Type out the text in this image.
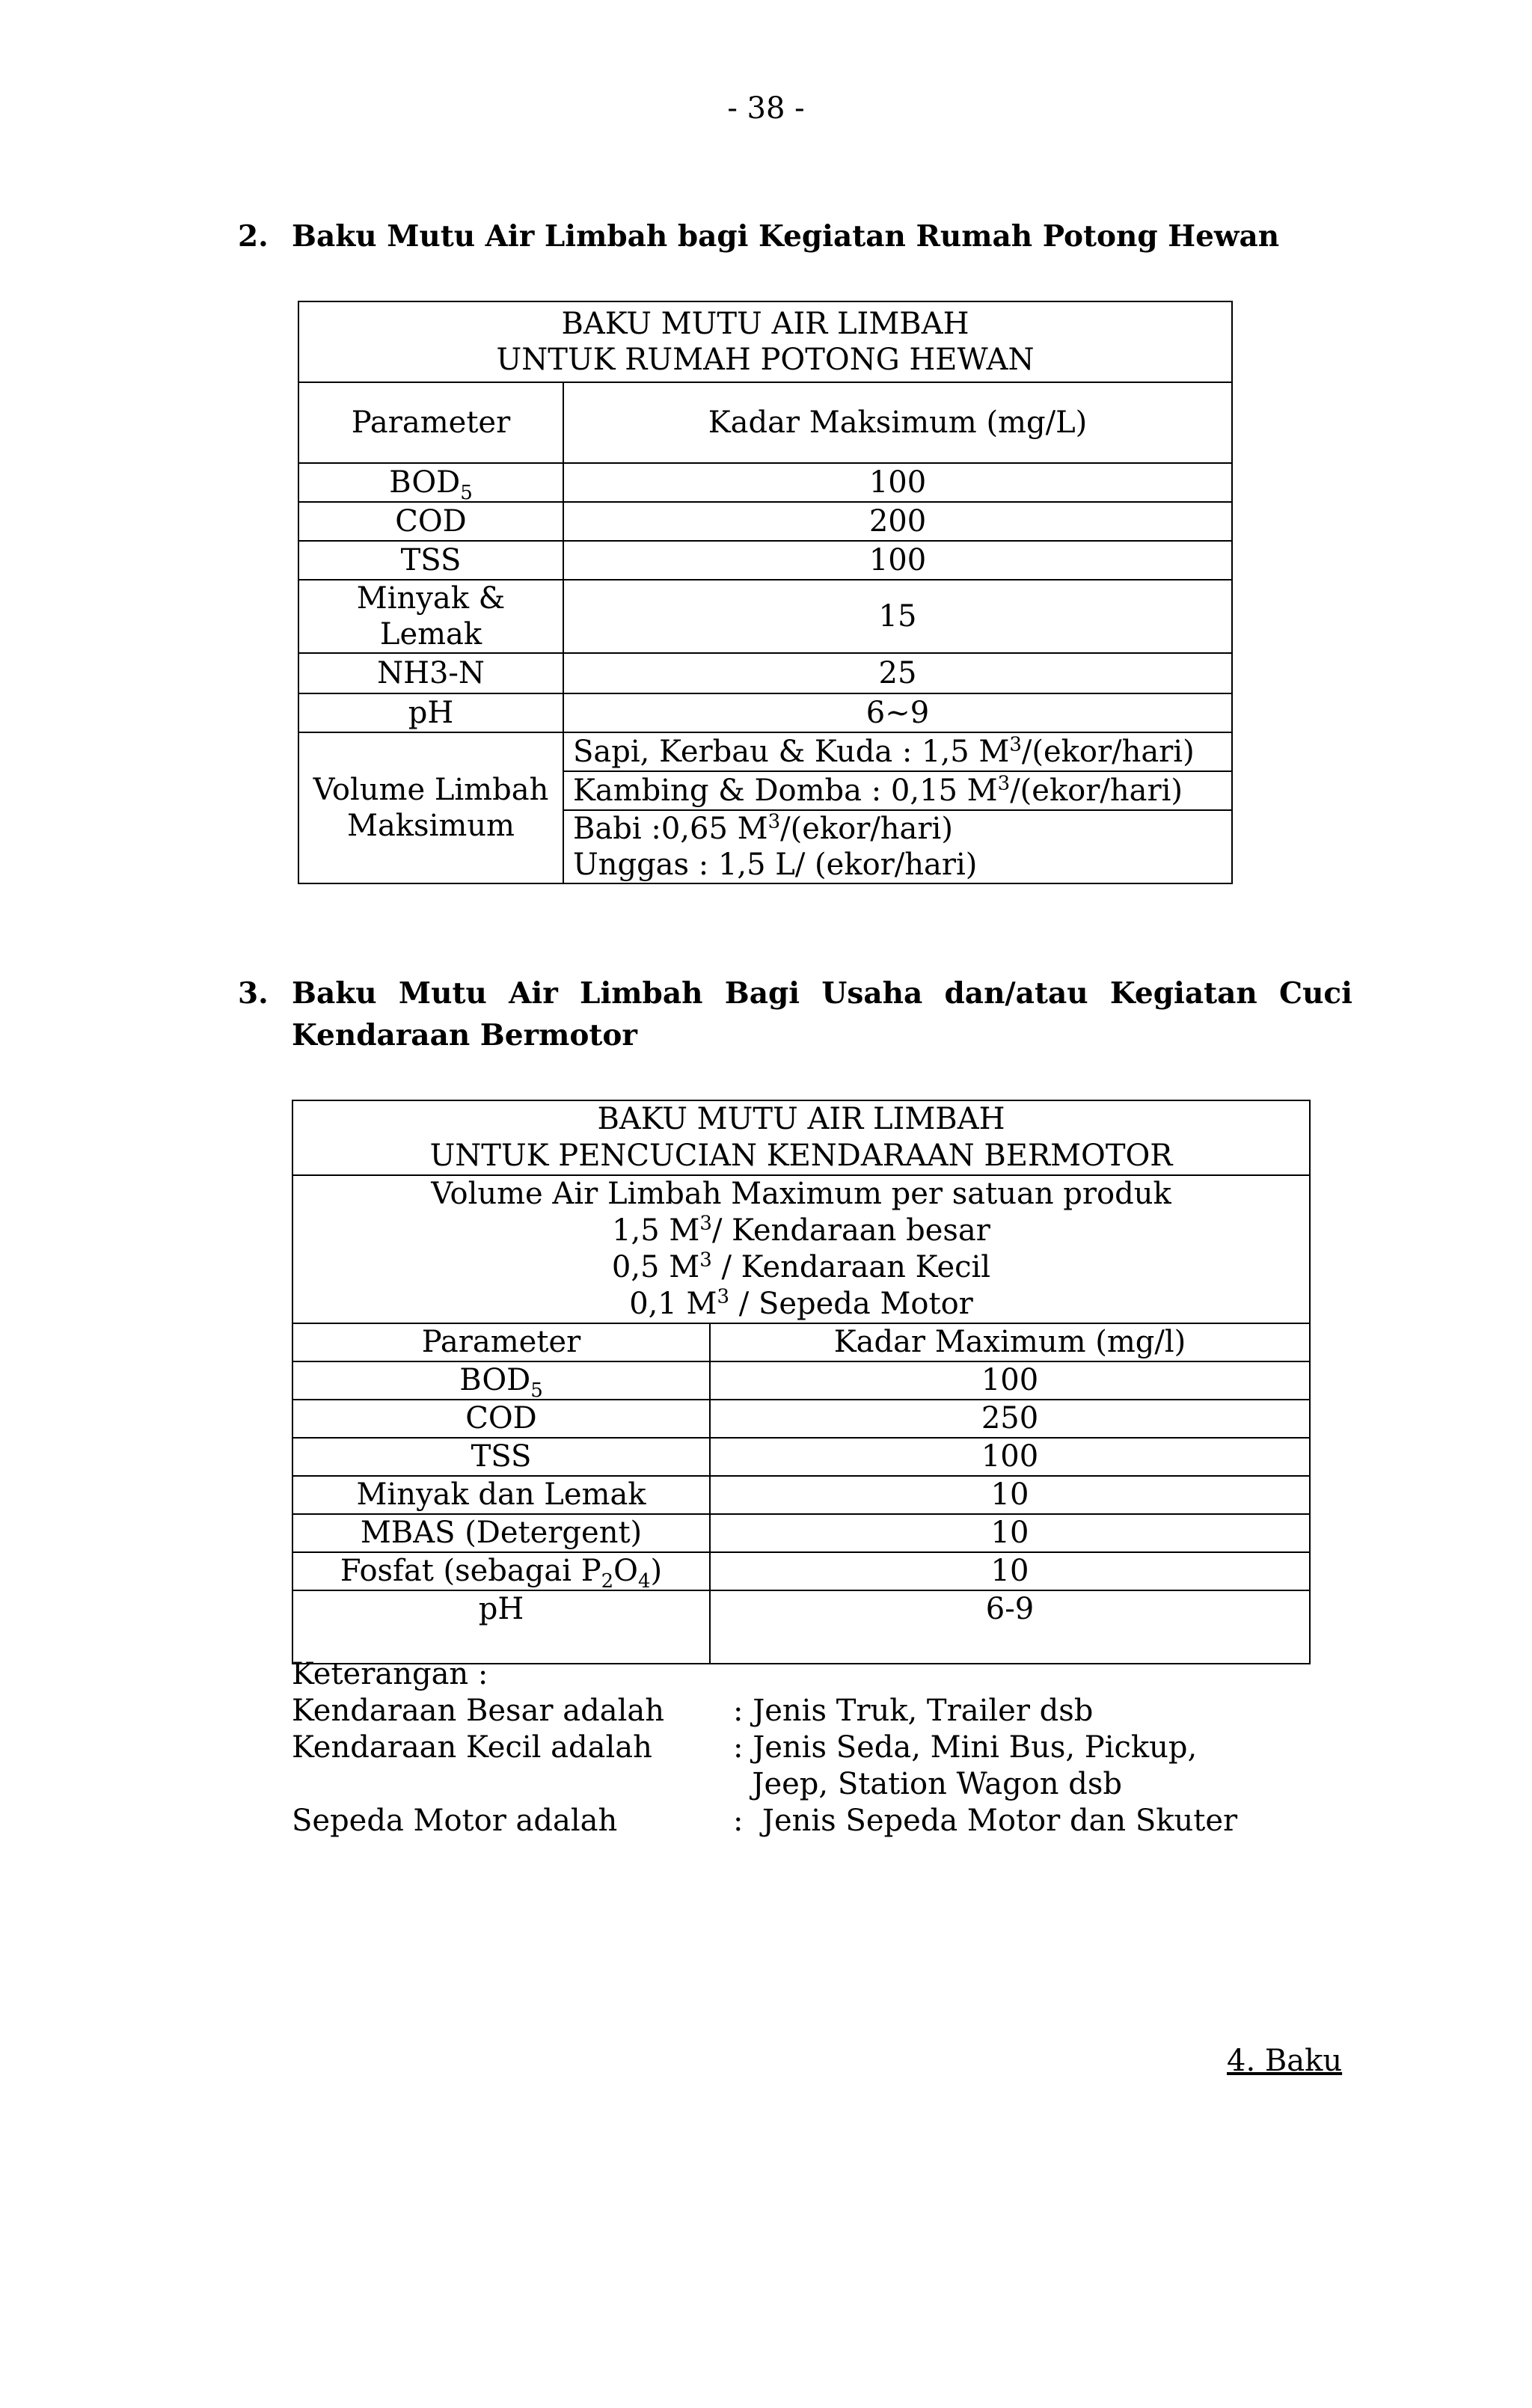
- 38 -
2. Baku Mutu Air Limbah bagi Kegiatan Rumah Potong Hewan
BAKU MUTU AIR LIMBAH
UNTUK RUMAH POTONG HEWAN	

Parameter	Kadar Maksimum (mg/L)
$BOD_5$	100
COD	200
TSS	100

Minyak &
Lemak	15
NH3-N	25
pH	6~9

Volume Limbah
Maksimum	Sapi, Kerbau & Kuda : 1,5 $M^3/(ekor/hari)$
	Kambing & Domba : 0,15 $M^3/(ekor/hari)$

	Babi :0,65 $M^3/(ekor/hari)$
Unggas : 1,5 L/ (ekor/hari)
3. Baku Mutu Air Limbah Bagi Usaha dan/atau Kegiatan Cuci
Kendaraan Bermotor
BAKU MUTU AIR LIMBAH
UNTUK PENCUCIAN KENDARAAN BERMOTOR	

Volume Air Limbah Maximum per satuan produk
1,5 $M^3/$ Kendaraan besar
0,5 $M^3$ / Kendaraan Kecil
0,1 $M^3$ / Sepeda Motor	

Parameter	Kadar Maximum (mg/l)
$BOD_5$	100
COD	250
TSS	100
Minyak dan Lemak	10
MBAS (Detergent)	10
Fosfat (sebagai $P_2O_4$)	10
pH	6-9
Keterangan :
Kendaraan Besar adalah : Jenis Truk, Trailer dsb
Kendaraan Kecil adalah	: Jenis Seda, Mini Bus, Pickup,
Jeep, Station Wagon dsb
Sepeda Motor adalah	:  Jenis Sepeda Motor dan Skuter
4. Baku
